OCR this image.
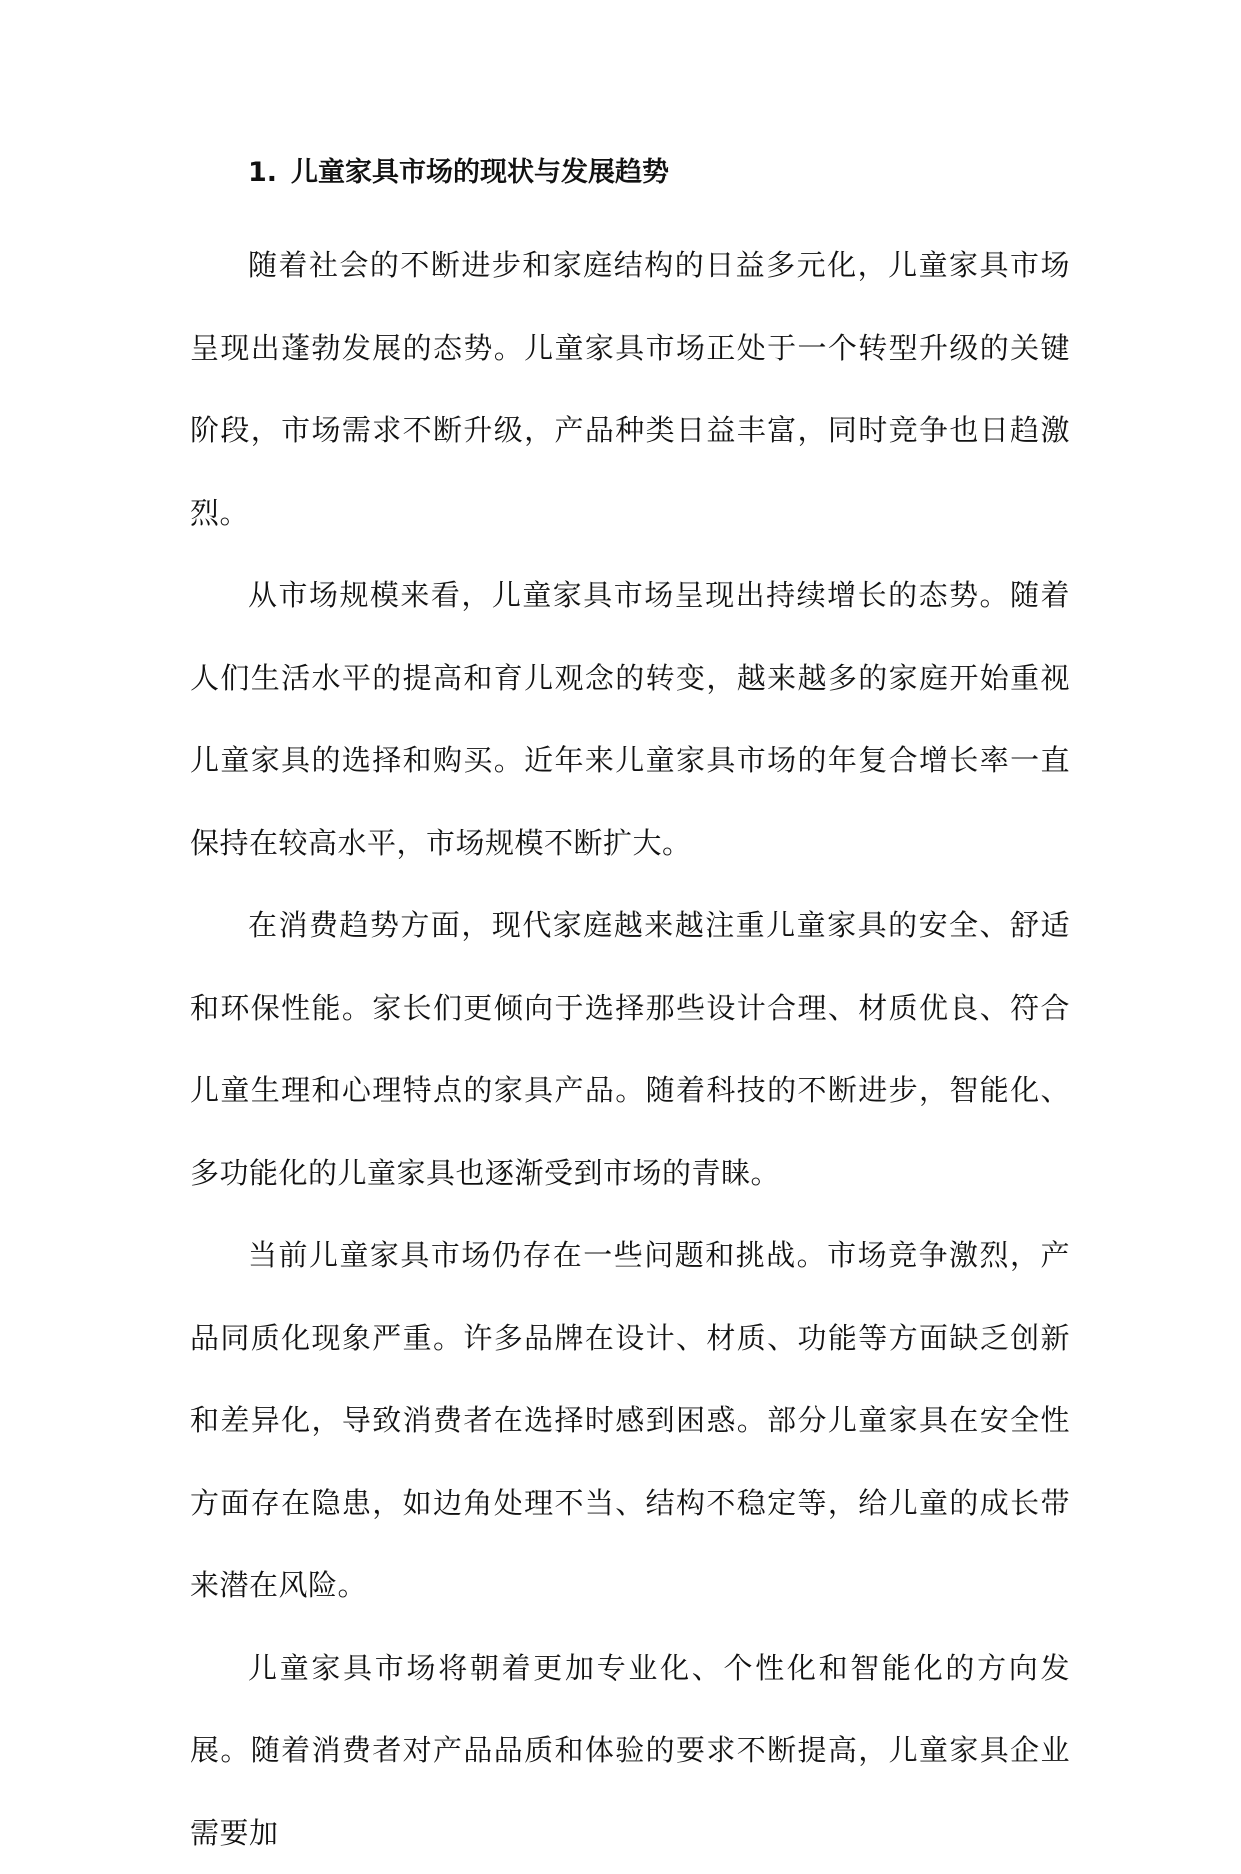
1. 儿童家具市场的现状与发展趋势

随着社会的不断进步和家庭结构的日益多元化，儿童家具市场呈现出蓬勃发展的态势。儿童家具市场正处于一个转型升级的关键阶段，市场需求不断升级，产品种类日益丰富，同时竞争也日趋激烈。

从市场规模来看，儿童家具市场呈现出持续增长的态势。随着人们生活水平的提高和育儿观念的转变，越来越多的家庭开始重视儿童家具的选择和购买。近年来儿童家具市场的年复合增长率一直保持在较高水平，市场规模不断扩大。

在消费趋势方面，现代家庭越来越注重儿童家具的安全、舒适和环保性能。家长们更倾向于选择那些设计合理、材质优良、符合儿童生理和心理特点的家具产品。随着科技的不断进步，智能化、多功能化的儿童家具也逐渐受到市场的青睐。

当前儿童家具市场仍存在一些问题和挑战。市场竞争激烈，产品同质化现象严重。许多品牌在设计、材质、功能等方面缺乏创新和差异化，导致消费者在选择时感到困惑。部分儿童家具在安全性方面存在隐患，如边角处理不当、结构不稳定等，给儿童的成长带来潜在风险。

儿童家具市场将朝着更加专业化、个性化和智能化的方向发展。随着消费者对产品品质和体验的要求不断提高，儿童家具企业需要加
